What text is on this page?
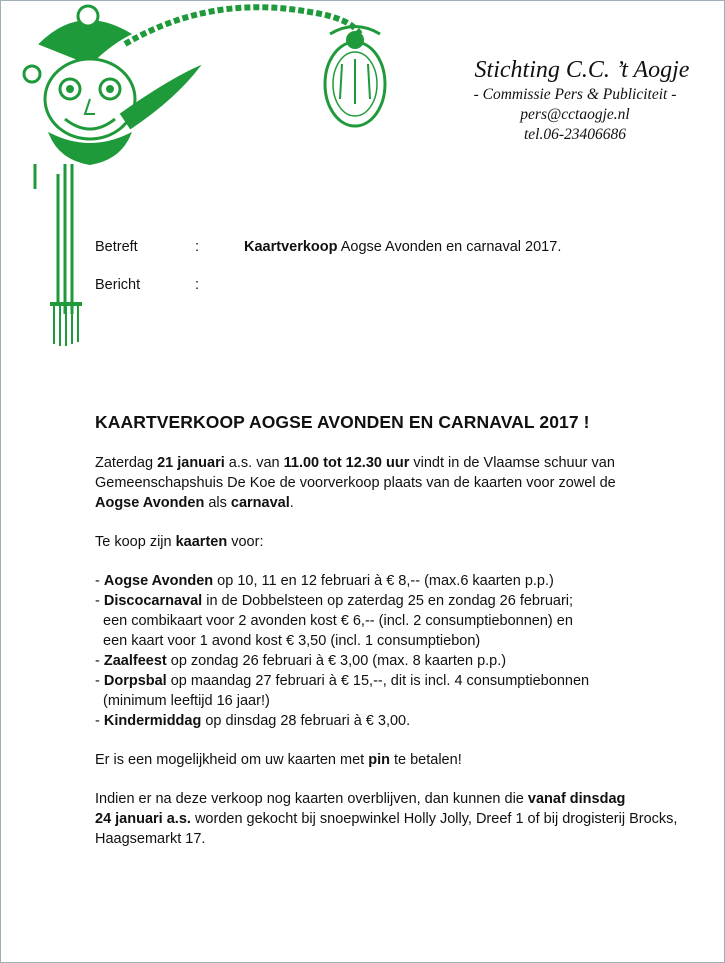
Stichting C.C. ’t Aogje
- Commissie Pers & Publiciteit -
pers@cctaogje.nl
tel.06-23406686
Betreft	:	Kaartverkoop Aogse Avonden en carnaval 2017.
Bericht	:
KAARTVERKOOP AOGSE AVONDEN EN CARNAVAL 2017 !
Zaterdag 21 januari a.s. van 11.00 tot 12.30 uur vindt in de Vlaamse schuur van
Gemeenschapshuis De Koe de voorverkoop plaats van de kaarten voor zowel de
Aogse Avonden als carnaval.
Te koop zijn kaarten voor:
- Aogse Avonden op 10, 11 en 12 februari à € 8,-- (max.6 kaarten p.p.)
- Discocarnaval in de Dobbelsteen op zaterdag 25 en zondag 26 februari;
een combikaart voor 2 avonden kost € 6,-- (incl. 2 consumptiebonnen) en
een kaart voor 1 avond kost € 3,50 (incl. 1 consumptiebon)
- Zaalfeest op zondag 26 februari à € 3,00 (max. 8 kaarten p.p.)
- Dorpsbal op maandag 27 februari à € 15,--, dit is incl. 4 consumptiebonnen
(minimum leeftijd 16 jaar!)
- Kindermiddag op dinsdag 28 februari à € 3,00.
Er is een mogelijkheid om uw kaarten met pin te betalen!
Indien er na deze verkoop nog kaarten overblijven, dan kunnen die vanaf dinsdag
24 januari a.s. worden gekocht bij snoepwinkel Holly Jolly, Dreef 1 of bij drogisterij Brocks,
Haagsemarkt 17.
